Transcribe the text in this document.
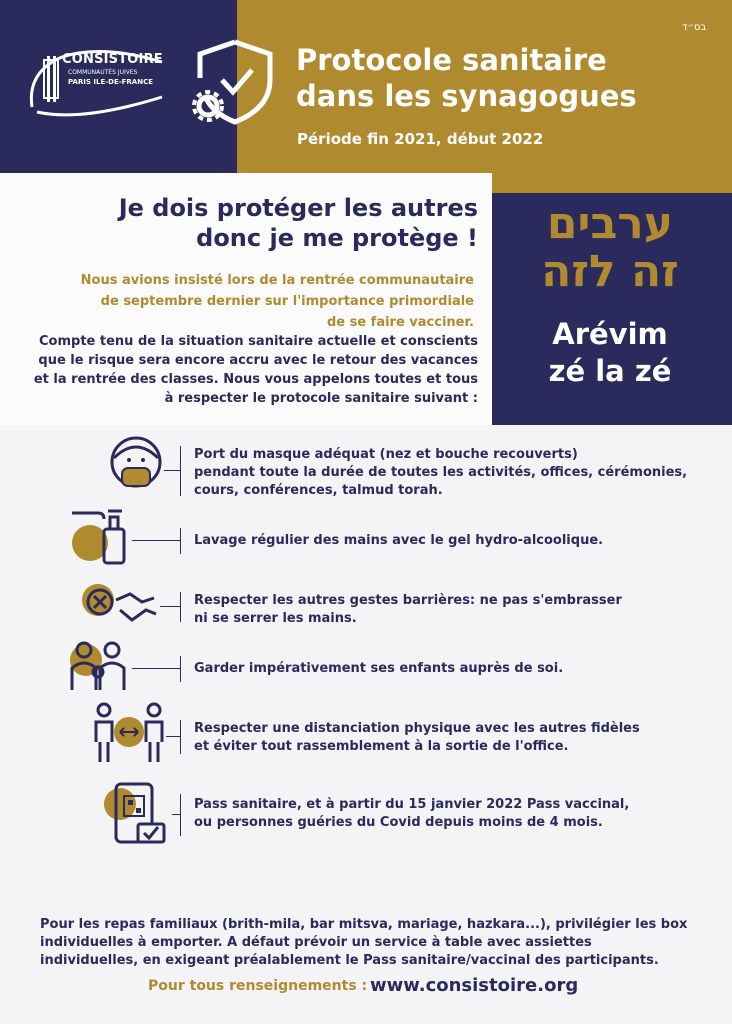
CONSISTOIRE
COMMUNAUTÉS JUIVES
PARIS ILE-DE-FRANCE
בס״ד
Protocole sanitaire
dans les synagogues
Période fin 2021, début 2022
Je dois protéger les autres
donc je me protège !
Nous avions insisté lors de la rentrée communautaire
de septembre dernier sur l'importance primordiale
de se faire vacciner.
Compte tenu de la situation sanitaire actuelle et conscients
que le risque sera encore accru avec le retour des vacances
et la rentrée des classes. Nous vous appelons toutes et tous
à respecter le protocole sanitaire suivant :
ערבים
זה לזה
Arévim
zé la zé
Port du masque adéquat (nez et bouche recouverts)
pendant toute la durée de toutes les activités, offices, cérémonies,
cours, conférences, talmud torah.
Lavage régulier des mains avec le gel hydro-alcoolique.
Respecter les autres gestes barrières: ne pas s'embrasser
ni se serrer les mains.
Garder impérativement ses enfants auprès de soi.
Respecter une distanciation physique avec les autres fidèles
et éviter tout rassemblement à la sortie de l'office.
Pass sanitaire, et à partir du 15 janvier 2022 Pass vaccinal,
ou personnes guéries du Covid depuis moins de 4 mois.
Pour les repas familiaux (brith-mila, bar mitsva, mariage, hazkara...), privilégier les box
individuelles à emporter. A défaut prévoir un service à table avec assiettes
individuelles, en exigeant préalablement le Pass sanitaire/vaccinal des participants.
Pour tous renseignements : www.consistoire.org
